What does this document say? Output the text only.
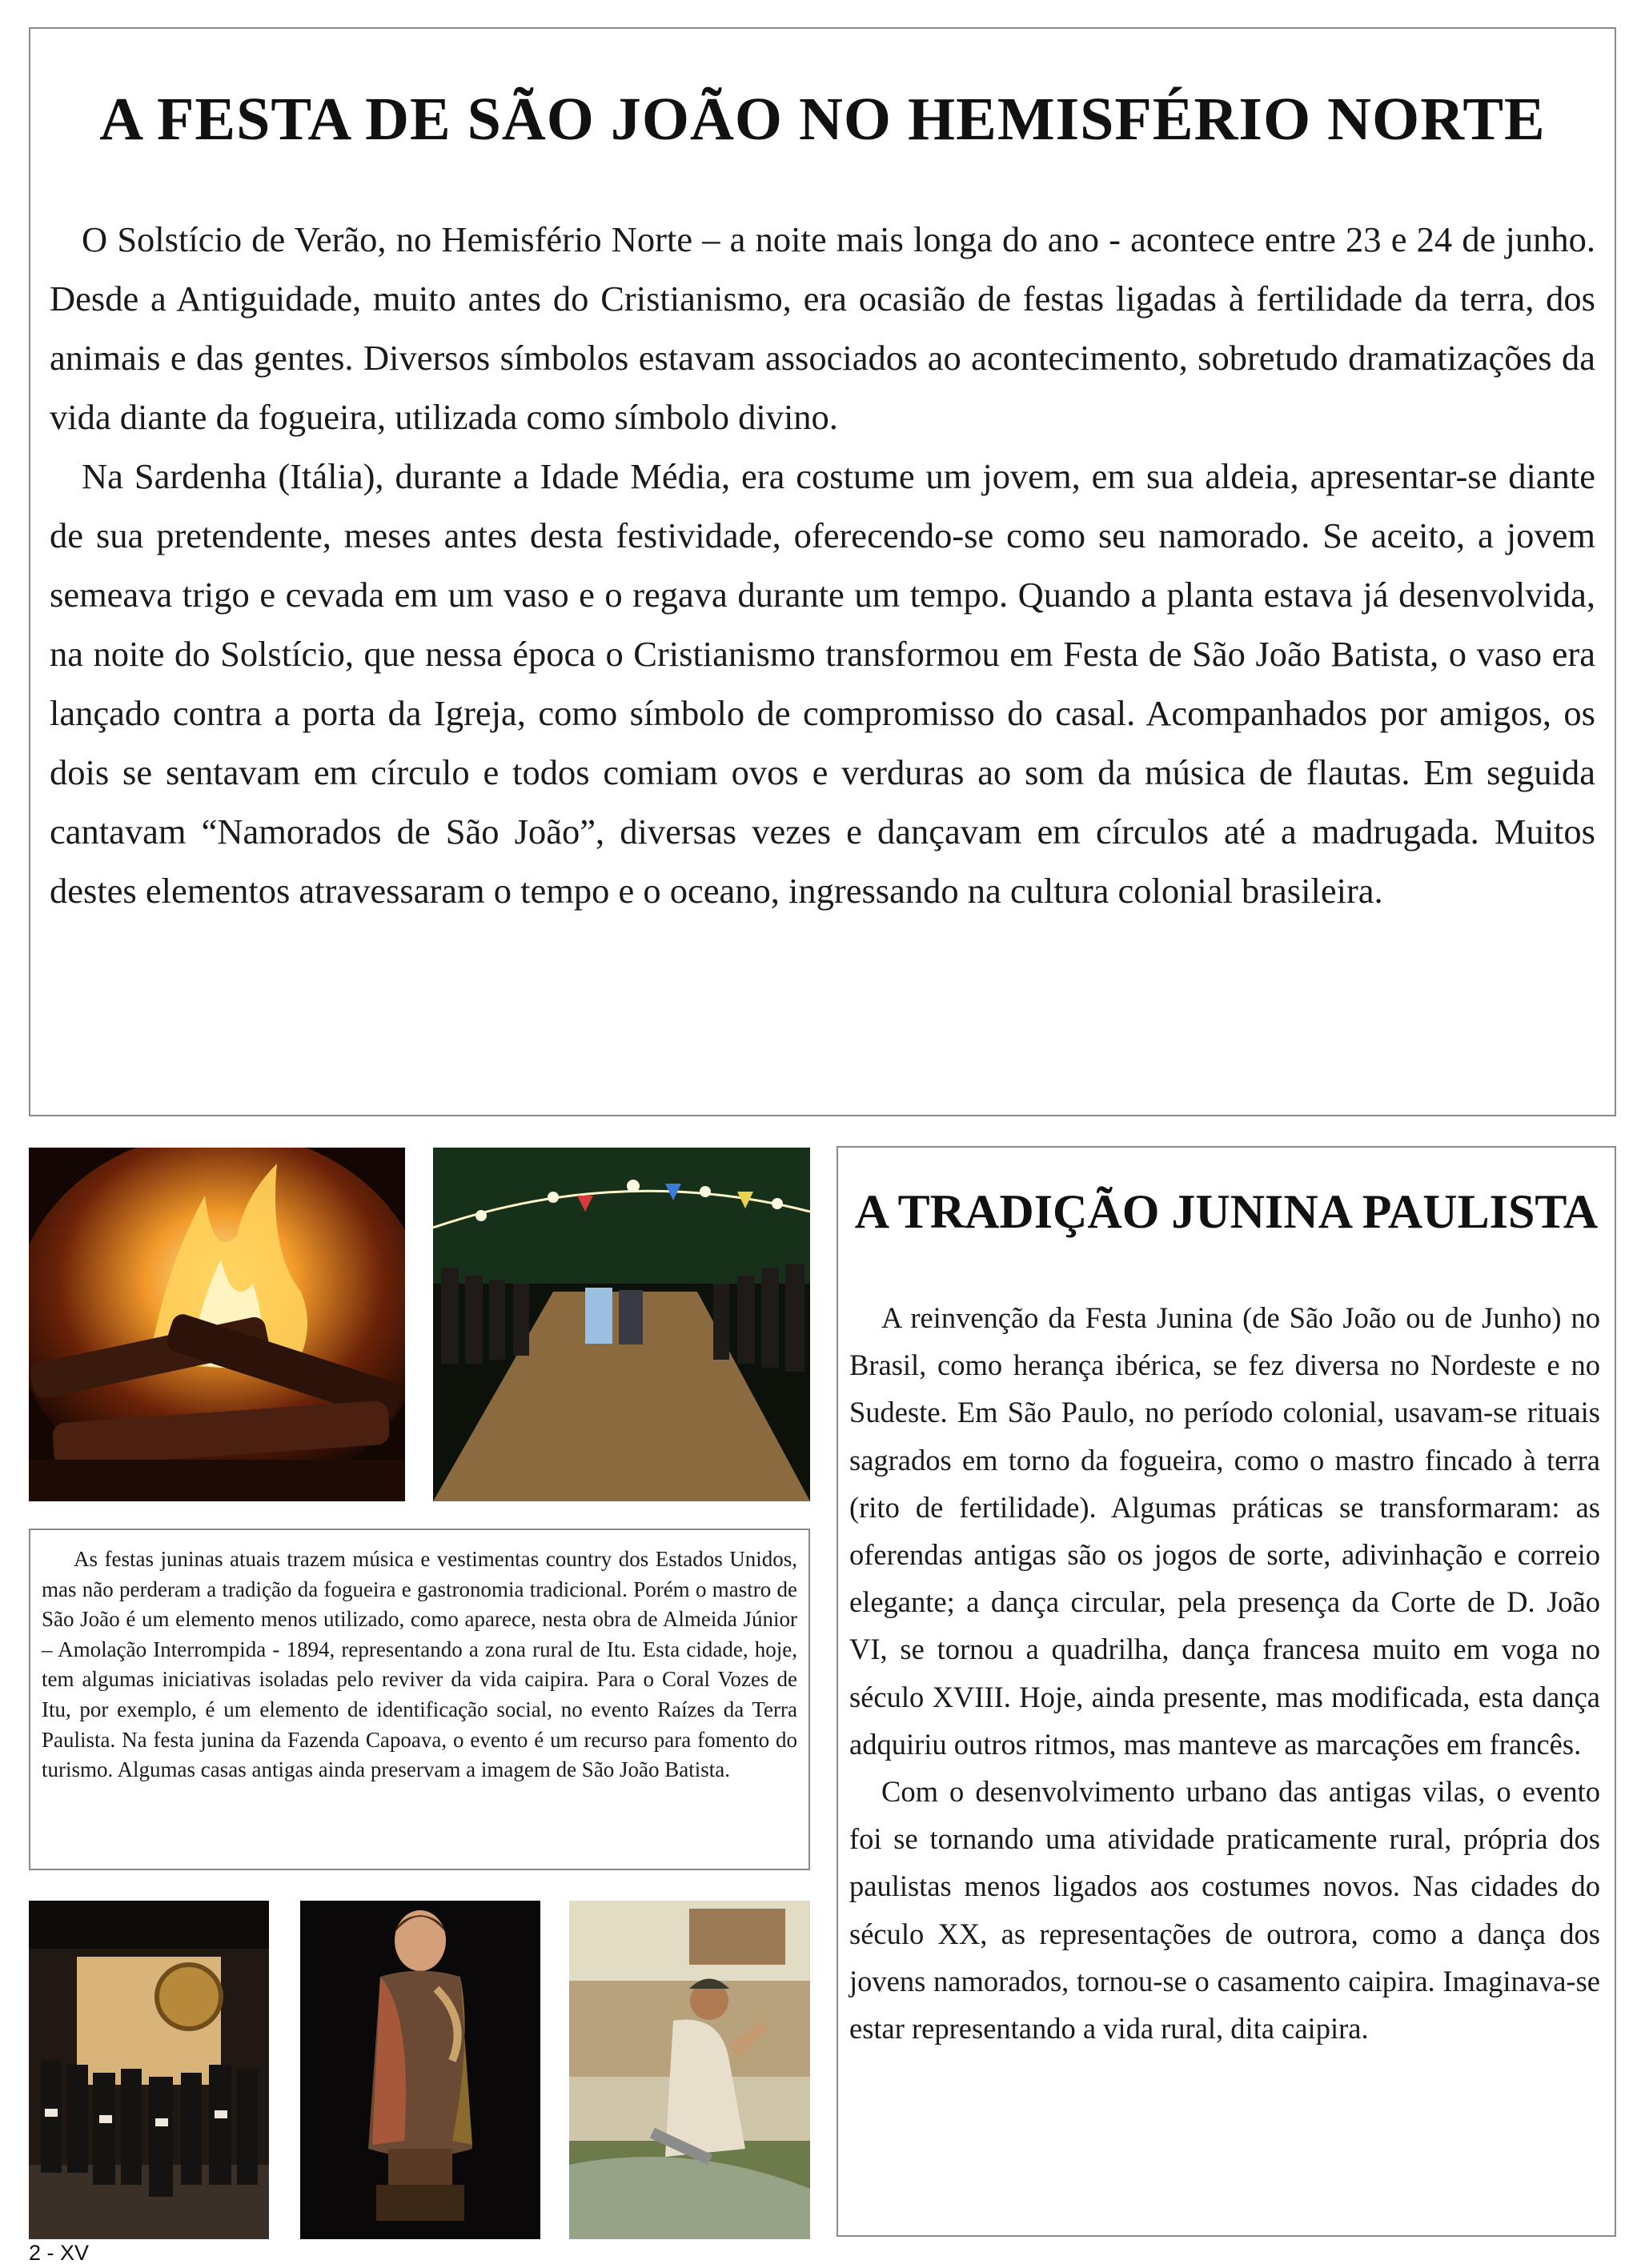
A FESTA DE SÃO JOÃO NO HEMISFÉRIO NORTE

O Solstício de Verão, no Hemisfério Norte – a noite mais longa do ano - acontece entre 23 e 24 de junho. Desde a Antiguidade, muito antes do Cristianismo, era ocasião de festas ligadas à fertilidade da terra, dos animais e das gentes. Diversos símbolos estavam associados ao acontecimento, sobretudo dramatizações da vida diante da fogueira, utilizada como símbolo divino.

Na Sardenha (Itália), durante a Idade Média, era costume um jovem, em sua aldeia, apresentar-se diante de sua pretendente, meses antes desta festividade, oferecendo-se como seu namorado. Se aceito, a jovem semeava trigo e cevada em um vaso e o regava durante um tempo. Quando a planta estava já desenvolvida, na noite do Solstício, que nessa época o Cristianismo transformou em Festa de São João Batista, o vaso era lançado contra a porta da Igreja, como símbolo de compromisso do casal. Acompanhados por amigos, os dois se sentavam em círculo e todos comiam ovos e verduras ao som da música de flautas. Em seguida cantavam “Namorados de São João”, diversas vezes e dançavam em círculos até a madrugada. Muitos destes elementos atravessaram o tempo e o oceano, ingressando na cultura colonial brasileira.

As festas juninas atuais trazem música e vestimentas country dos Estados Unidos, mas não perderam a tradição da fogueira e gastronomia tradicional. Porém o mastro de São João é um elemento menos utilizado, como aparece, nesta obra de Almeida Júnior – Amolação Interrompida - 1894, representando a zona rural de Itu. Esta cidade, hoje, tem algumas iniciativas isoladas pelo reviver da vida caipira. Para o Coral Vozes de Itu, por exemplo, é um elemento de identificação social, no evento Raízes da Terra Paulista. Na festa junina da Fazenda Capoava, o evento é um recurso para fomento do turismo. Algumas casas antigas ainda preservam a imagem de São João Batista.

A TRADIÇÃO JUNINA PAULISTA

A reinvenção da Festa Junina (de São João ou de Junho) no Brasil, como herança ibérica, se fez diversa no Nordeste e no Sudeste. Em São Paulo, no período colonial, usavam-se rituais sagrados em torno da fogueira, como o mastro fincado à terra (rito de fertilidade). Algumas práticas se transformaram: as oferendas antigas são os jogos de sorte, adivinhação e correio elegante; a dança circular, pela presença da Corte de D. João VI, se tornou a quadrilha, dança francesa muito em voga no século XVIII. Hoje, ainda presente, mas modificada, esta dança adquiriu outros ritmos, mas manteve as marcações em francês.

Com o desenvolvimento urbano das antigas vilas, o evento foi se tornando uma atividade praticamente rural, própria dos paulistas menos ligados aos costumes novos. Nas cidades do século XX, as representações de outrora, como a dança dos jovens namorados, tornou-se o casamento caipira. Imaginava-se estar representando a vida rural, dita caipira.

2 - XV
